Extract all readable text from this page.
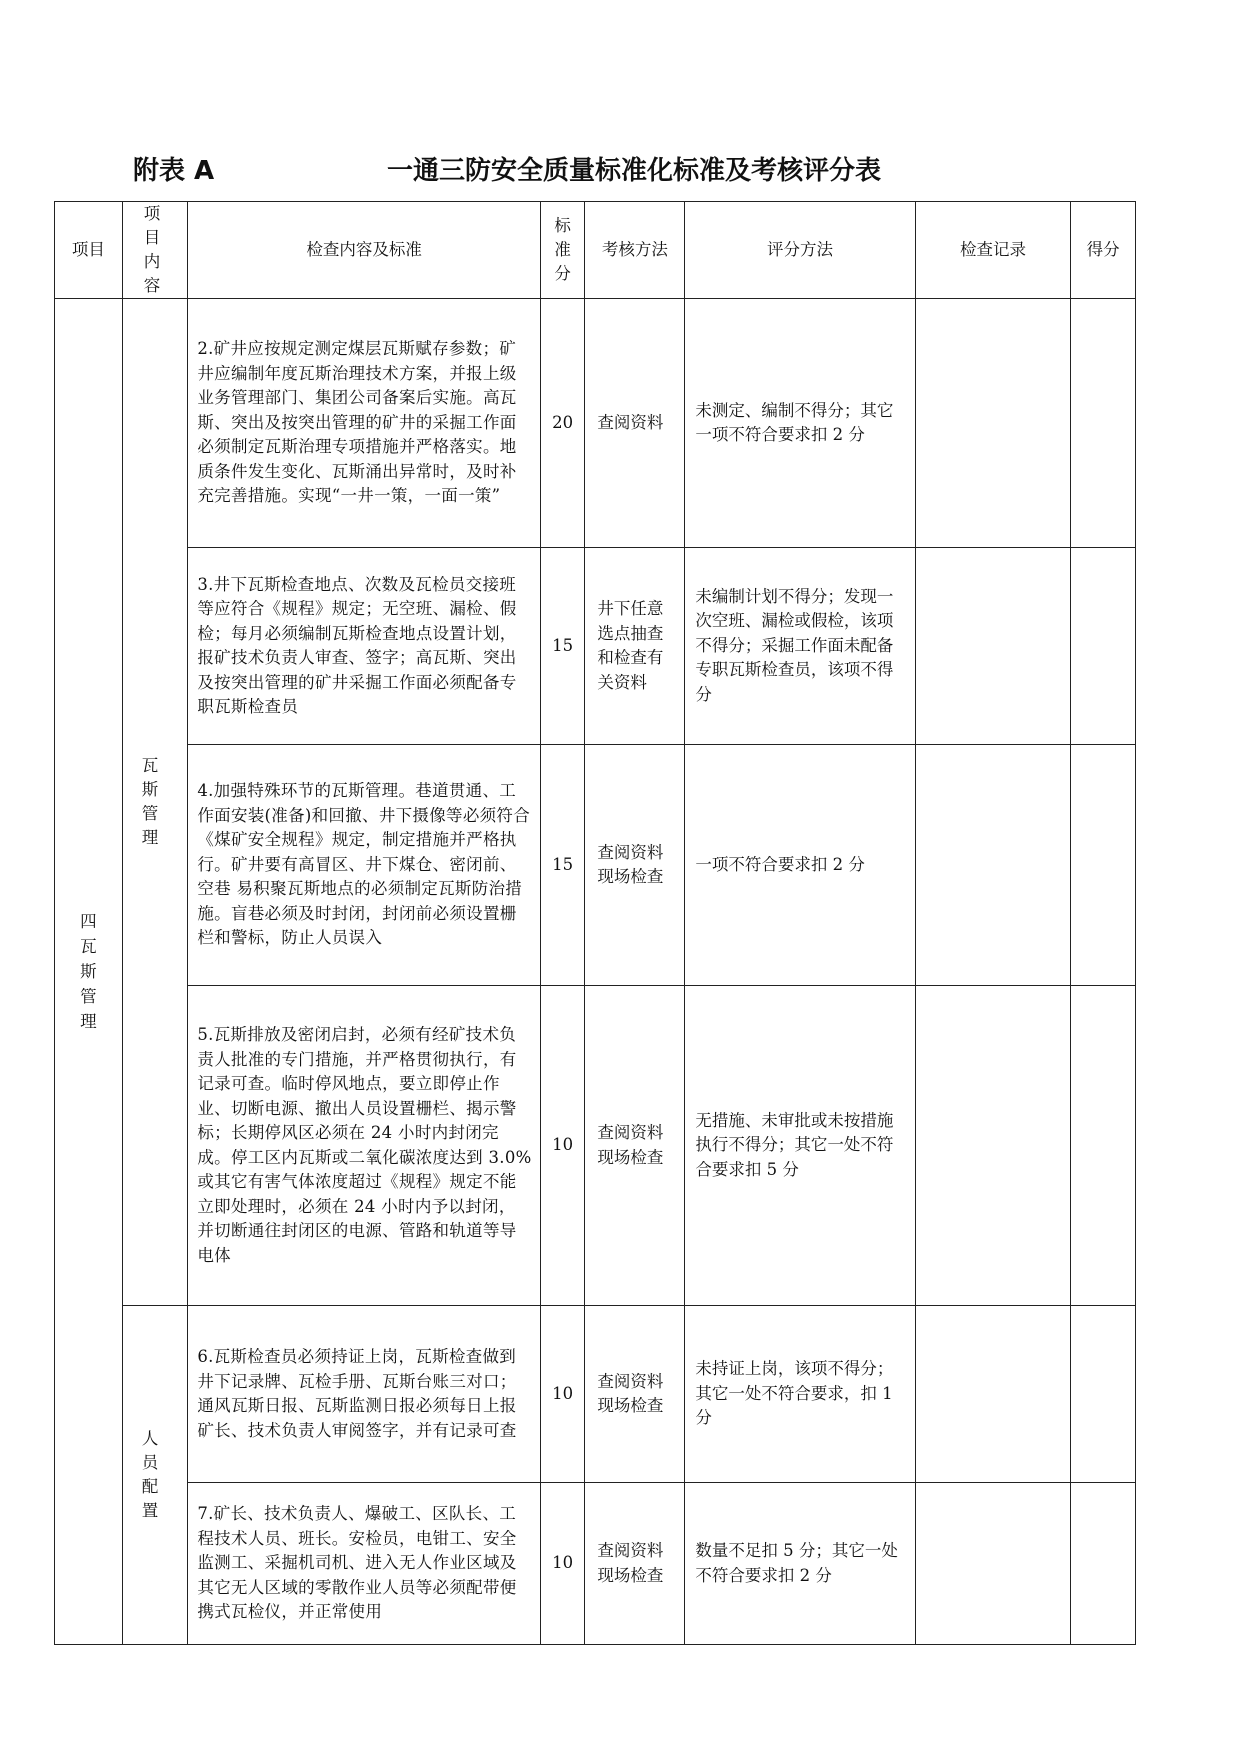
附表 A	一通三防安全质量标准化标准及考核评分表
项目	项 目 内容	检查内容及标准	标准分	考核方法	评分方法	检查记录	得分

四瓦斯管理	瓦 斯 管 理	2.矿井应按规定测定煤层瓦斯赋存参数；矿井应编制年度瓦斯治理技术方案，并报上级业务管理部门、集团公司备案后实施。高瓦斯、突出及按突出管理的矿井的采掘工作面必须制定瓦斯治理专项措施并严格落实。地质条件发生变化、瓦斯涌出异常时，及时补充完善措施。实现“一井一策，一面一策”	20	查阅资料	未测定、编制不得分；其它一项不符合要求扣 2 分		
		3.井下瓦斯检查地点、次数及瓦检员交接班等应符合《规程》规定；无空班、漏检、假检；每月必须编制瓦斯检查地点设置计划，报矿技术负责人审查、签字；高瓦斯、突出及按突出管理的矿井采掘工作面必须配备专职瓦斯检查员	15	井下任意选点抽查和检查有关资料	未编制计划不得分；发现一次空班、漏检或假检，该项不得分；采掘工作面未配备专职瓦斯检查员，该项不得分		
		4.加强特殊环节的瓦斯管理。巷道贯通、工作面安装(准备)和回撤、井下摄像等必须符合《煤矿安全规程》规定，制定措施并严格执行。矿井要有高冒区、井下煤仓、密闭前、空巷 易积聚瓦斯地点的必须制定瓦斯防治措施。盲巷必须及时封闭，封闭前必须设置栅栏和警标，防止人员误入	15	查阅资料现场检查	一项不符合要求扣 2 分		
		5.瓦斯排放及密闭启封，必须有经矿技术负责人批准的专门措施，并严格贯彻执行，有记录可查。临时停风地点，要立即停止作业、切断电源、撤出人员设置栅栏、揭示警标；长期停风区必须在 24 小时内封闭完成。停工区内瓦斯或二氧化碳浓度达到 3.0%或其它有害气体浓度超过《规程》规定不能立即处理时，必须在 24 小时内予以封闭，并切断通往封闭区的电源、管路和轨道等导电体	10	查阅资料现场检查	无措施、未审批或未按措施执行不得分；其它一处不符合要求扣 5 分		

	人 员 配 置	6.瓦斯检查员必须持证上岗，瓦斯检查做到井下记录牌、瓦检手册、瓦斯台账三对口；通风瓦斯日报、瓦斯监测日报必须每日上报矿长、技术负责人审阅签字，并有记录可查	10	查阅资料现场检查	未持证上岗，该项不得分；其它一处不符合要求，扣 1 分		
		7.矿长、技术负责人、爆破工、区队长、工程技术人员、班长。安检员，电钳工、安全监测工、采掘机司机、进入无人作业区域及其它无人区域的零散作业人员等必须配带便携式瓦检仪，并正常使用	10	查阅资料现场检查	数量不足扣 5 分；其它一处不符合要求扣 2 分		
